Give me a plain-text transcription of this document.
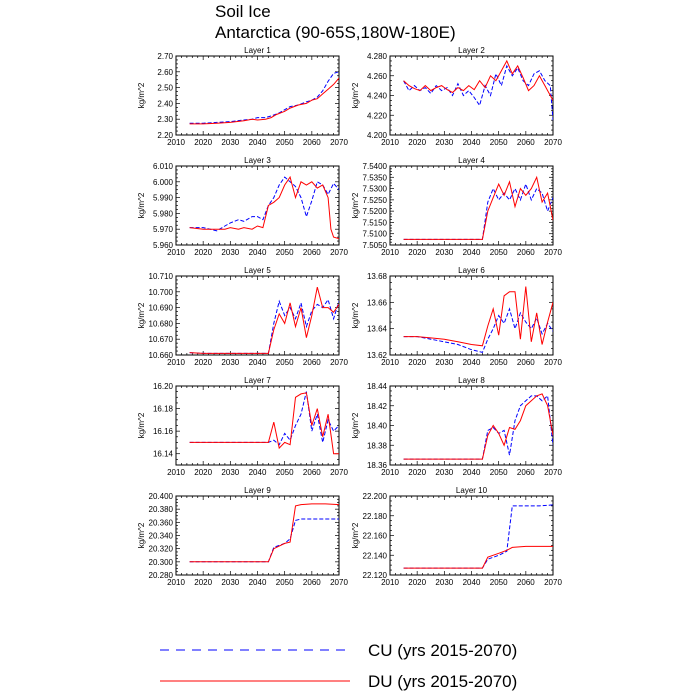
Soil Ice
Antarctica (90-65S,180W-180E)
Layer 1
kg/m^2
2010 2020 2030 2040 2050 2060 2070
2.20
2.30
2.40
2.50
2.60
2.70
Layer 2
kg/m^2
2010 2020 2030 2040 2050 2060 2070
4.200
4.220
4.240
4.260
4.280
Layer 3
kg/m^2
2010 2020 2030 2040 2050 2060 2070
5.960
5.970
5.980
5.990
6.000
6.010
Layer 4
kg/m^2
2010 2020 2030 2040 2050 2060 2070
7.5050
7.5100
7.5150
7.5200
7.5250
7.5300
7.5350
7.5400
Layer 5
kg/m^2
2010 2020 2030 2040 2050 2060 2070
10.660
10.670
10.680
10.690
10.700
10.710
Layer 6
kg/m^2
2010 2020 2030 2040 2050 2060 2070
13.62
13.64
13.66
13.68
Layer 7
kg/m^2
2010 2020 2030 2040 2050 2060 2070
16.14
16.16
16.18
16.20
Layer 8
kg/m^2
2010 2020 2030 2040 2050 2060 2070
18.36
18.38
18.40
18.42
18.44
Layer 9
kg/m^2
2010 2020 2030 2040 2050 2060 2070
20.280
20.300
20.320
20.340
20.360
20.380
20.400
Layer 10
kg/m^2
2010 2020 2030 2040 2050 2060 2070
22.120
22.140
22.160
22.180
22.200
CU (yrs 2015-2070)
DU (yrs 2015-2070)
